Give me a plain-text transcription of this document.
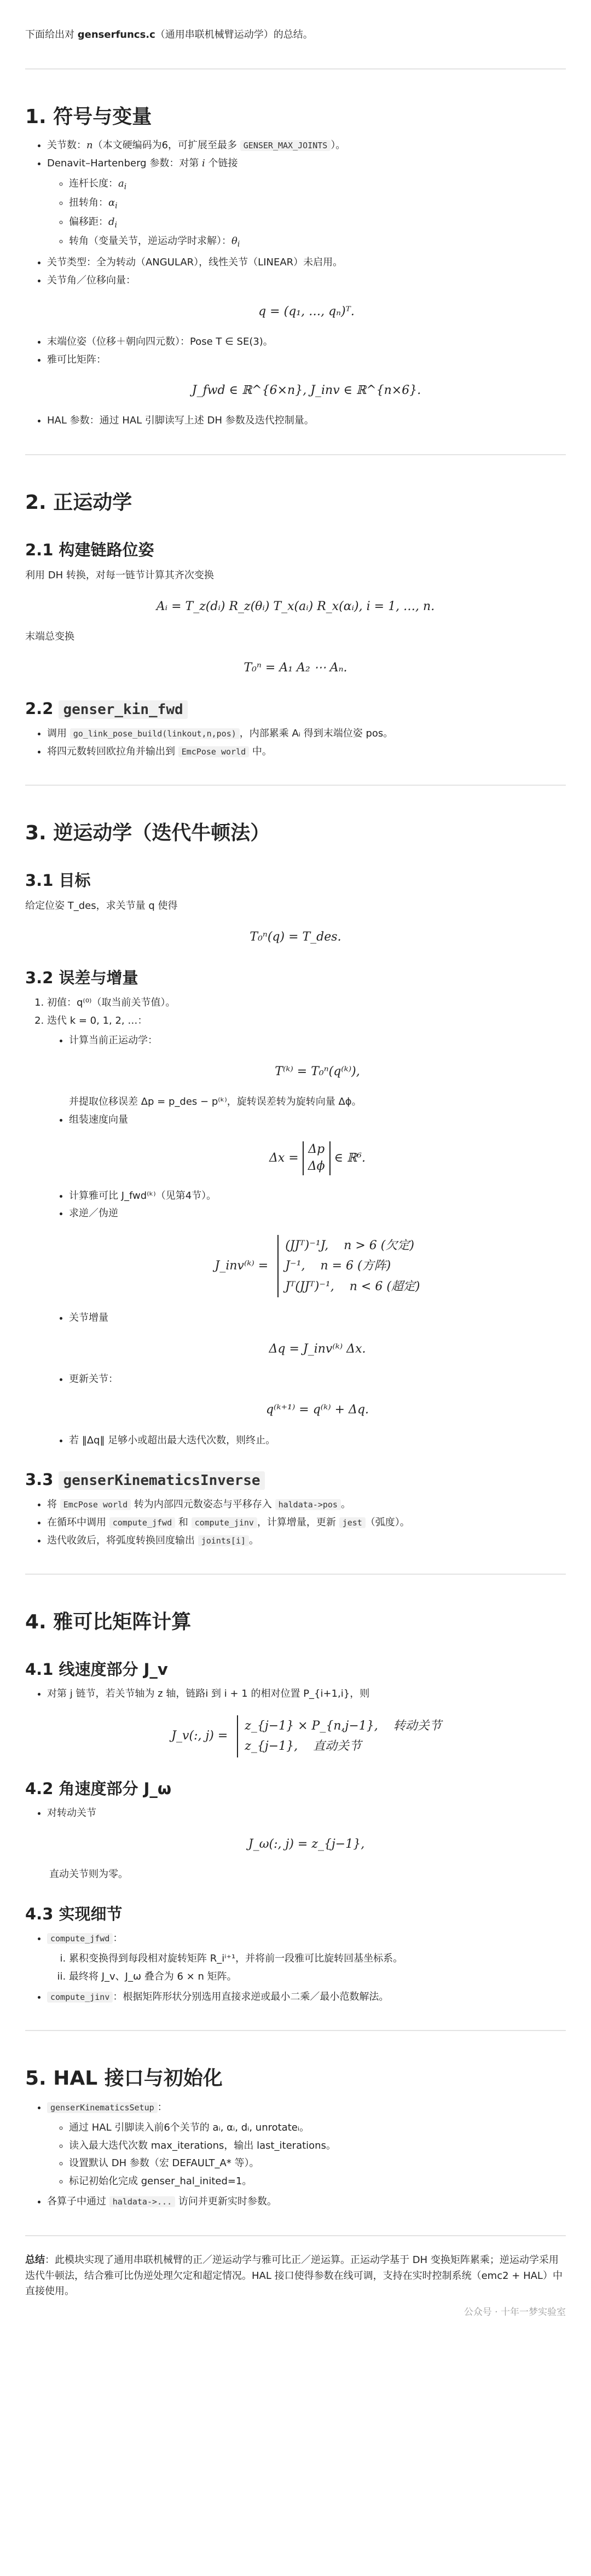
下面给出对 genserfuncs.c（通用串联机械臂运动学）的总结。

1. 符号与变量
• 关节数：n（本文硬编码为6，可扩展至最多 GENSER_MAX_JOINTS ）。
• Denavit–Hartenberg 参数：对第 i 个链接
◦ 连杆长度：$a_i$
◦ 扭转角：$\alpha_i$
◦ 偏移距：$d_i$
◦ 转角（变量关节，逆运动学时求解）：$\theta_i$
• 关节类型：全为转动（ANGULAR），线性关节（LINEAR）未启用。
• 关节角／位移向量：
q = (q₁, …, qₙ)ᵀ.
• 末端位姿（位移＋朝向四元数）：Pose T ∈ SE(3)。
• 雅可比矩阵：
J_fwd ∈ ℝ^{6×n}, J_inv ∈ ℝ^{n×6}.
• HAL 参数：通过 HAL 引脚读写上述 DH 参数及迭代控制量。
2. 正运动学
2.1 构建链路位姿

利用 DH 转换，对每一链节计算其齐次变换

Aᵢ = T_z(dᵢ) R_z(θᵢ) T_x(aᵢ) R_x(αᵢ), i = 1, …, n.

末端总变换

T₀ⁿ = A₁ A₂ ⋯ Aₙ.
2.2 genser_kin_fwd
• 调用 go_link_pose_build(linkout,n,pos) ，内部累乘 Aᵢ 得到末端位姿 pos。
• 将四元数转回欧拉角并输出到 EmcPose world 中。
3. 逆运动学（迭代牛顿法）
3.1 目标

给定位姿 T_des，求关节量 q 使得

T₀ⁿ(q) = T_des.
3.2 误差与增量
1. 初值：q⁽⁰⁾（取当前关节值）。
2. 迭代 k = 0, 1, 2, …：
• 计算当前正运动学：
T⁽ᵏ⁾ = T₀ⁿ(q⁽ᵏ⁾),
并提取位移误差 Δp = p_des − p⁽ᵏ⁾，旋转误差转为旋转向量 Δϕ。
• 组装速度向量
Δx =
Δp
Δϕ
∈ ℝ⁶.
• 计算雅可比 J_fwd⁽ᵏ⁾（见第4节）。
• 求逆／伪逆
J_inv⁽ᵏ⁾ =
(JJᵀ)⁻¹J, n > 6 (欠定)
J⁻¹, n = 6 (方阵)
Jᵀ(JJᵀ)⁻¹, n < 6 (超定)
• 关节增量
Δq = J_inv⁽ᵏ⁾ Δx.
• 更新关节：
q⁽ᵏ⁺¹⁾ = q⁽ᵏ⁾ + Δq.
• 若 ‖Δq‖ 足够小或超出最大迭代次数，则终止。
3.3 genserKinematicsInverse
• 将 EmcPose world 转为内部四元数姿态与平移存入 haldata->pos 。
• 在循环中调用 compute_jfwd 和 compute_jinv ，计算增量，更新 jest （弧度）。
• 迭代收敛后，将弧度转换回度输出 joints[i] 。
4. 雅可比矩阵计算
4.1 线速度部分 J_v
• 对第 j 链节，若关节轴为 z 轴，链路i 到 i + 1 的相对位置 P_{i+1,i}，则
J_v(:, j) =
z_{j−1} × P_{n,j−1}, 转动关节
z_{j−1}, 直动关节
4.2 角速度部分 J_ω
• 对转动关节
J_ω(:, j) = z_{j−1},

直动关节则为零。

4.3 实现细节
• compute_jfwd ：
i. 累积变换得到每段相对旋转矩阵 R_iⁱ⁺¹，并将前一段雅可比旋转回基坐标系。
ii. 最终将 J_v、J_ω 叠合为 6 × n 矩阵。
• compute_jinv ：根据矩阵形状分别选用直接求逆或最小二乘／最小范数解法。
5. HAL 接口与初始化
• genserKinematicsSetup ：
◦ 通过 HAL 引脚读入前6个关节的 aᵢ, αᵢ, dᵢ, unrotateᵢ。
◦ 读入最大迭代次数 max_iterations，输出 last_iterations。
◦ 设置默认 DH 参数（宏 DEFAULT_A* 等）。
◦ 标记初始化完成 genser_hal_inited=1。
• 各算子中通过 haldata->... 访问并更新实时参数。

总结：此模块实现了通用串联机械臂的正／逆运动学与雅可比正／逆运算。正运动学基于 DH 变换矩阵累乘；逆运动学采用迭代牛顿法，结合雅可比伪逆处理欠定和超定情况。HAL 接口使得参数在线可调，支持在实时控制系统（emc2 + HAL）中直接使用。

公众号 · 十年一梦实验室
